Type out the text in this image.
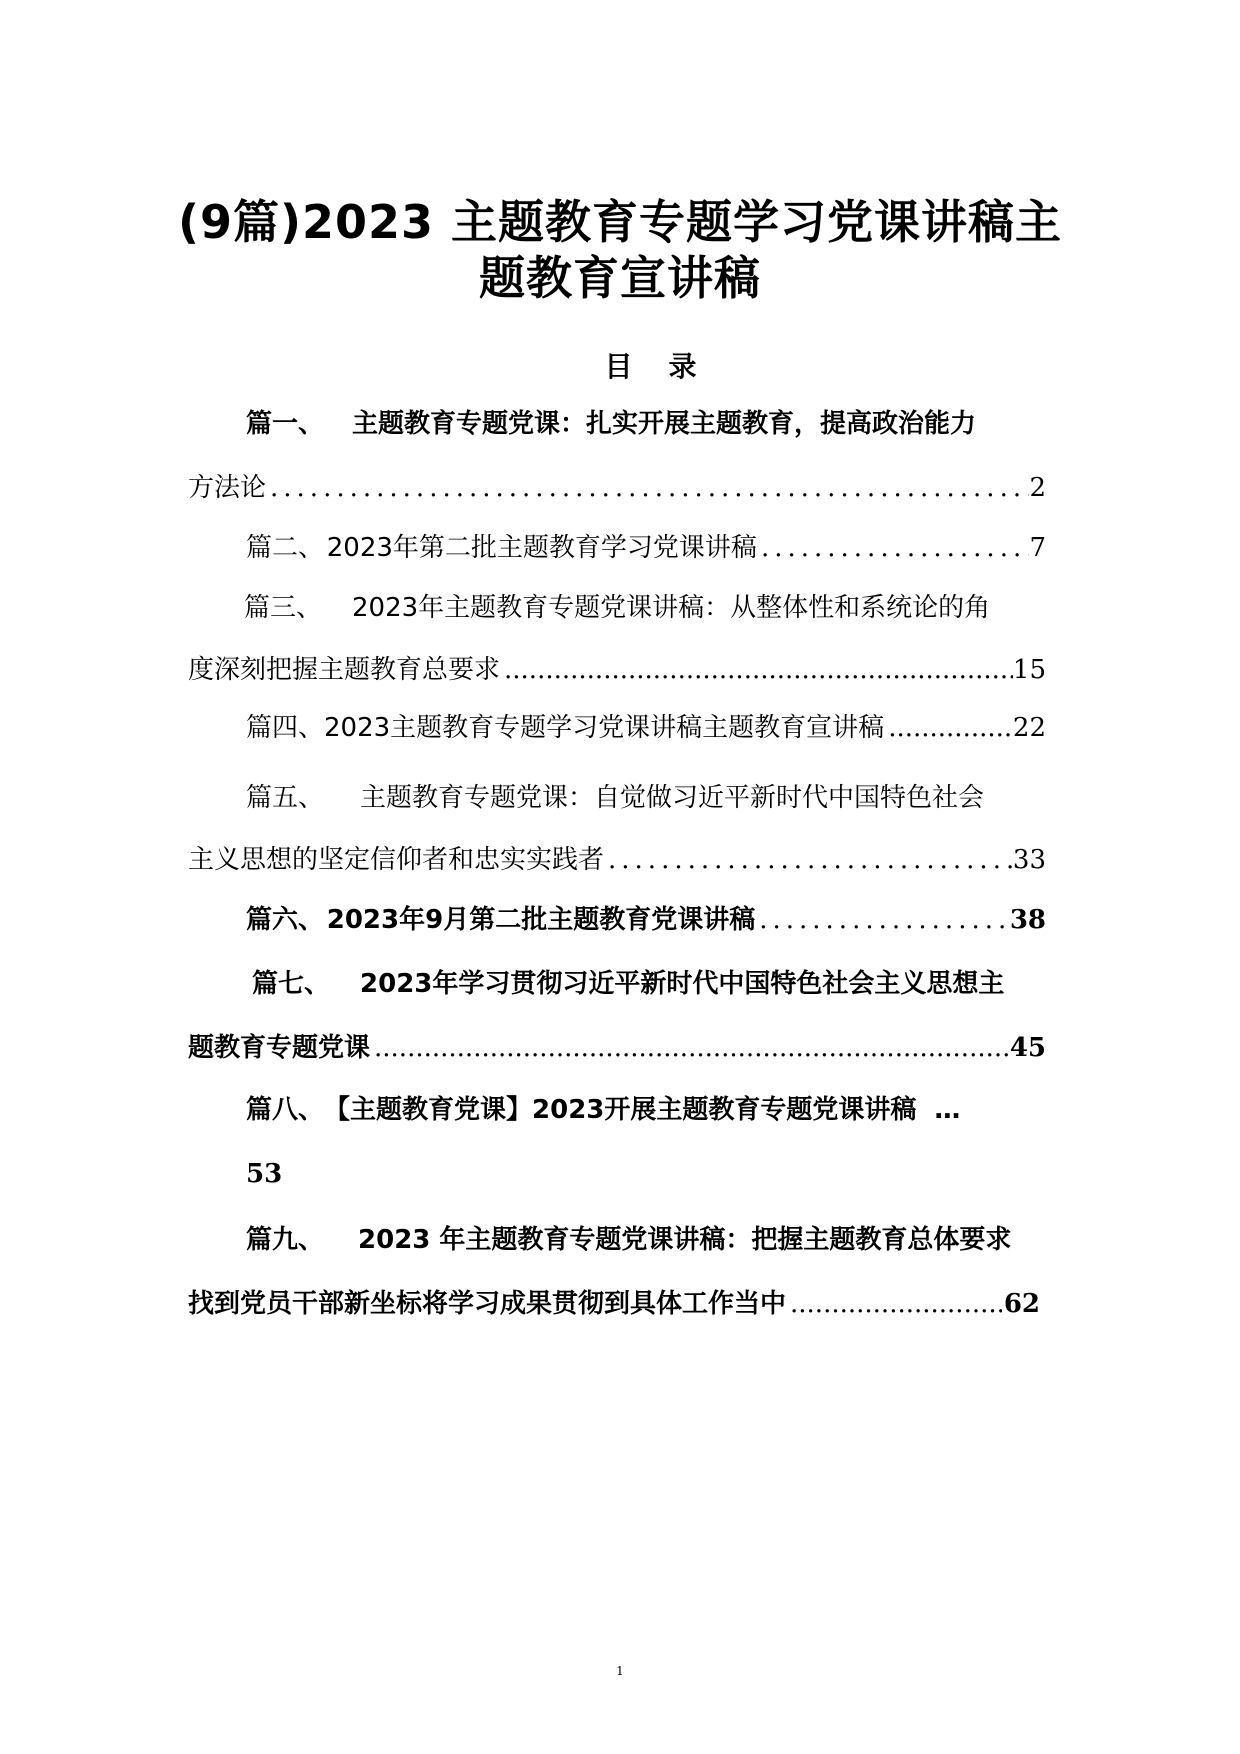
(9篇)2023 主题教育专题学习党课讲稿主
题教育宣讲稿
目　录
篇一、 主题教育专题党课：扎实开展主题教育，提高政治能力
方法论 .....	2
篇二、 2023年第二批主题教育学习党课讲稿 .....	7
篇三、 2023年主题教育专题党课讲稿：从整体性和系统论的角
度深刻把握主题教育总要求 .....	15
篇四、 2023主题教育专题学习党课讲稿主题教育宣讲稿 .....	22
篇五、 主题教育专题党课：自觉做习近平新时代中国特色社会
主义思想的坚定信仰者和忠实实践者 .....	33
篇六、 2023年9月第二批主题教育党课讲稿 .....	38
篇七、 2023年学习贯彻习近平新时代中国特色社会主义思想主
题教育专题党课 .....	45
篇八、 【主题教育党课】2023开展主题教育专题党课讲稿 …
53
篇九、 2023 年主题教育专题党课讲稿：把握主题教育总体要求
找到党员干部新坐标将学习成果贯彻到具体工作当中 .....	62
1
